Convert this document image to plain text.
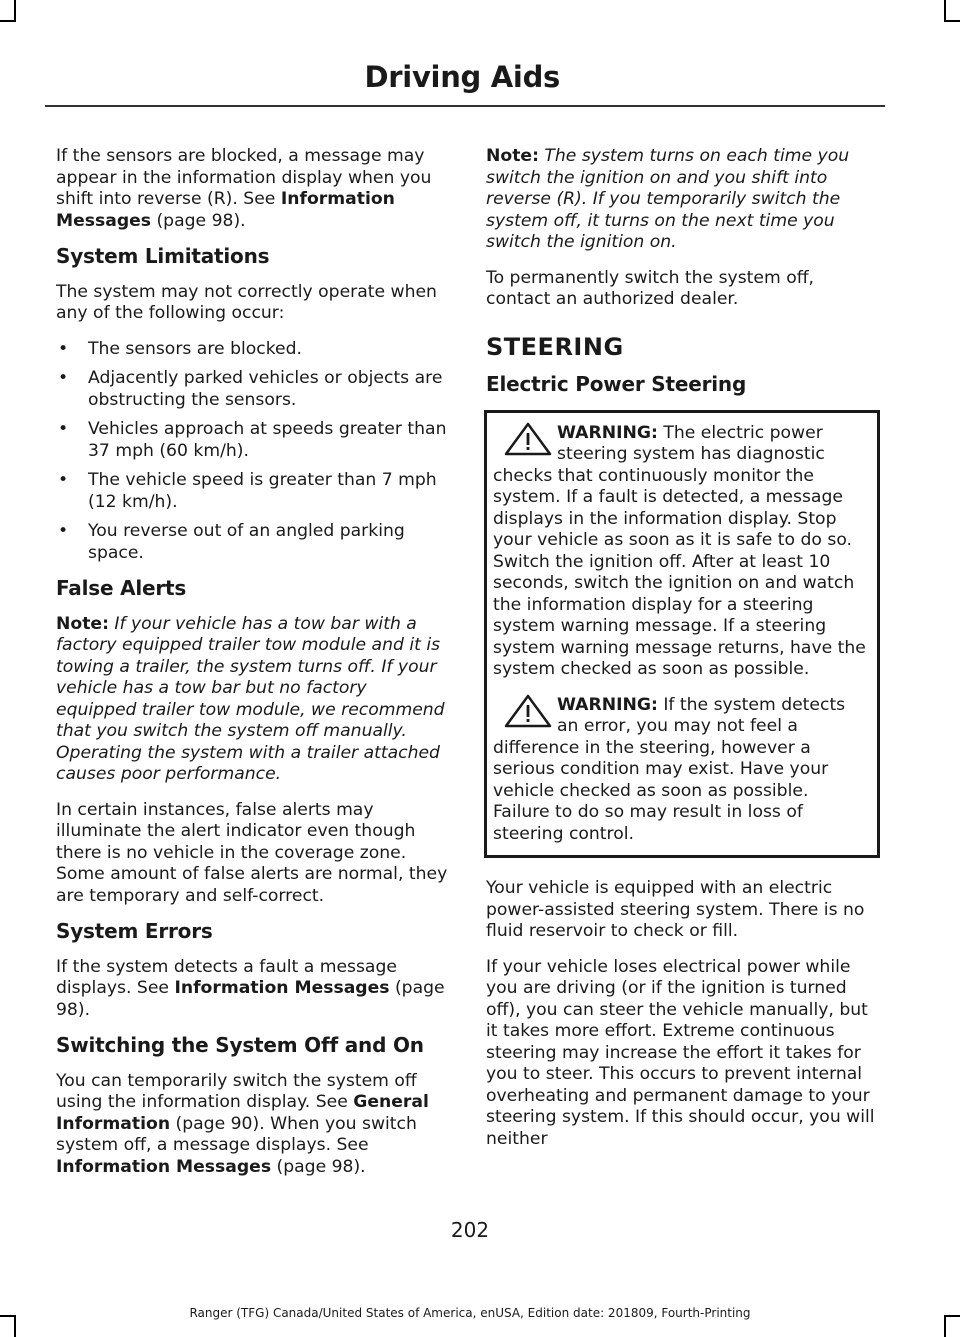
Driving Aids

If the sensors are blocked, a message may appear in the information display when you shift into reverse (R). See Information Messages (page 98).

System Limitations

The system may not correctly operate when any of the following occur:

• The sensors are blocked.
• Adjacently parked vehicles or objects are obstructing the sensors.
• Vehicles approach at speeds greater than 37 mph (60 km/h).
• The vehicle speed is greater than 7 mph (12 km/h).
• You reverse out of an angled parking space.
False Alerts

Note: If your vehicle has a tow bar with a factory equipped trailer tow module and it is towing a trailer, the system turns off. If your vehicle has a tow bar but no factory equipped trailer tow module, we recommend that you switch the system off manually. Operating the system with a trailer attached causes poor performance.

In certain instances, false alerts may illuminate the alert indicator even though there is no vehicle in the coverage zone. Some amount of false alerts are normal, they are temporary and self-correct.

System Errors

If the system detects a fault a message displays. See Information Messages (page 98).

Switching the System Off and On

You can temporarily switch the system off using the information display. See General Information (page 90). When you switch system off, a message displays. See Information Messages (page 98).

Note: The system turns on each time you switch the ignition on and you shift into reverse (R). If you temporarily switch the system off, it turns on the next time you switch the ignition on.

To permanently switch the system off, contact an authorized dealer.

STEERING
Electric Power Steering
WARNING: The electric power steering system has diagnostic checks that continuously monitor the system. If a fault is detected, a message displays in the information display. Stop your vehicle as soon as it is safe to do so. Switch the ignition off. After at least 10 seconds, switch the ignition on and watch the information display for a steering system warning message. If a steering system warning message returns, have the system checked as soon as possible.
WARNING: If the system detects an error, you may not feel a difference in the steering, however a serious condition may exist. Have your vehicle checked as soon as possible. Failure to do so may result in loss of steering control.

Your vehicle is equipped with an electric power-assisted steering system. There is no fluid reservoir to check or fill.

If your vehicle loses electrical power while you are driving (or if the ignition is turned off), you can steer the vehicle manually, but it takes more effort. Extreme continuous steering may increase the effort it takes for you to steer. This occurs to prevent internal overheating and permanent damage to your steering system. If this should occur, you will neither

202
Ranger (TFG) Canada/United States of America, enUSA, Edition date: 201809, Fourth-Printing
